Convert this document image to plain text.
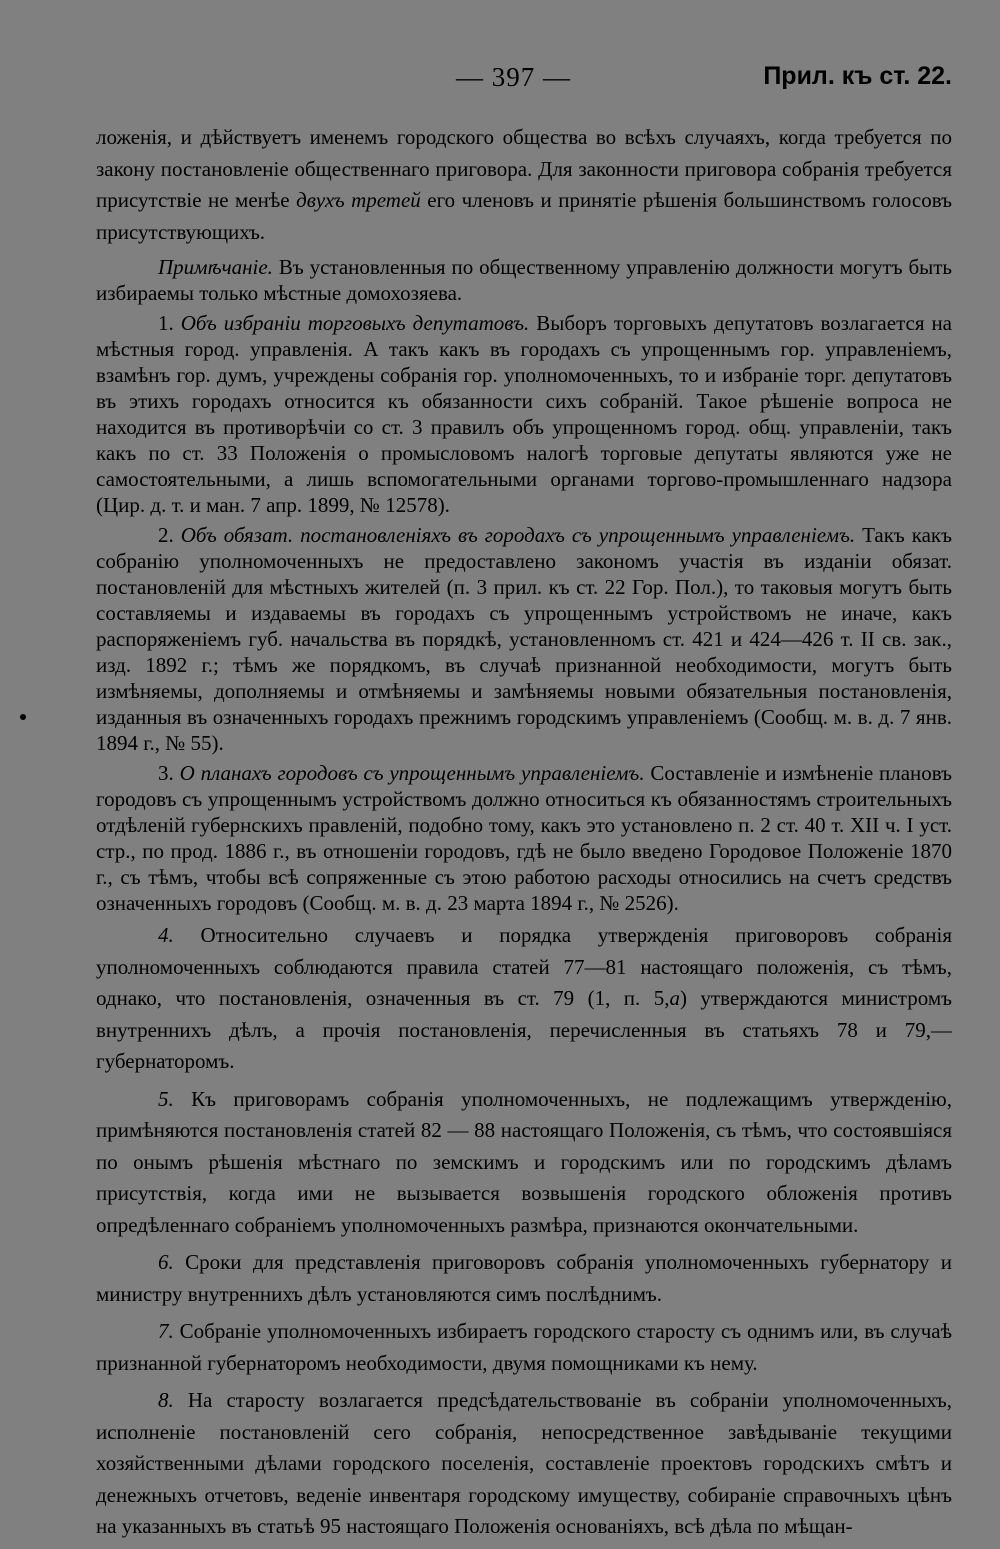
— 397 —	Прил. къ ст. 22.

ложенія, и дѣйствуетъ именемъ городского общества во всѣхъ случаяхъ, когда требуется по закону постановленіе общественнаго приговора. Для законности приговора собранія требуется присутствіе не менѣе двухъ третей его членовъ и принятіе рѣшенія большинствомъ голосовъ присутствующихъ.

Примѣчаніе. Въ установленныя по общественному управленію должности могутъ быть избираемы только мѣстные домохозяева.

1. Объ избраніи торговыхъ депутатовъ. Выборъ торговыхъ депутатовъ возлагается на мѣстныя город. управленія. А такъ какъ въ городахъ съ упрощеннымъ гор. управленіемъ, взамѣнъ гор. думъ, учреждены собранія гор. уполномоченныхъ, то и избраніе торг. депутатовъ въ этихъ городахъ относится къ обязанности сихъ собраній. Такое рѣшеніе вопроса не находится въ противорѣчіи со ст. 3 правилъ объ упрощенномъ город. общ. управленіи, такъ какъ по ст. 33 Положенія о промысловомъ налогѣ торговые депутаты являются уже не самостоятельными, а лишь вспомогательными органами торгово-промышленнаго надзора (Цир. д. т. и ман. 7 апр. 1899, № 12578).

2. Объ обязат. постановленіяхъ въ городахъ съ упрощеннымъ управленіемъ. Такъ какъ собранію уполномоченныхъ не предоставлено закономъ участія въ изданіи обязат. постановленій для мѣстныхъ жителей (п. 3 прил. къ ст. 22 Гор. Пол.), то таковыя могутъ быть составляемы и издаваемы въ городахъ съ упрощеннымъ устройствомъ не иначе, какъ распоряженіемъ губ. начальства въ порядкѣ, установленномъ ст. 421 и 424—426 т. II св. зак., изд. 1892 г.; тѣмъ же порядкомъ, въ случаѣ признанной необходимости, могутъ быть измѣняемы, дополняемы и отмѣняемы и замѣняемы новыми обязательныя постановленія, изданныя въ означенныхъ городахъ прежнимъ городскимъ управленіемъ (Сообщ. м. в. д. 7 янв. 1894 г., № 55).

3. О планахъ городовъ съ упрощеннымъ управленіемъ. Составленіе и измѣненіе плановъ городовъ съ упрощеннымъ устройствомъ должно относиться къ обязанностямъ строительныхъ отдѣленій губернскихъ правленій, подобно тому, какъ это установлено п. 2 ст. 40 т. XII ч. I уст. стр., по прод. 1886 г., въ отношеніи городовъ, гдѣ не было введено Городовое Положеніе 1870 г., съ тѣмъ, чтобы всѣ сопряженные съ этою работою расходы относились на счетъ средствъ означенныхъ городовъ (Сообщ. м. в. д. 23 марта 1894 г., № 2526).

4. Относительно случаевъ и порядка утвержденія приговоровъ собранія уполномоченныхъ соблюдаются правила статей 77—81 настоящаго положенія, съ тѣмъ, однако, что постановленія, означенныя въ ст. 79 (1, п. 5,а) утверждаются министромъ внутреннихъ дѣлъ, а прочія постановленія, перечисленныя въ статьяхъ 78 и 79,—губернаторомъ.

5. Къ приговорамъ собранія уполномоченныхъ, не подлежащимъ утвержденію, примѣняются постановленія статей 82 — 88 настоящаго Положенія, съ тѣмъ, что состоявшіяся по онымъ рѣшенія мѣстнаго по земскимъ и городскимъ или по городскимъ дѣламъ присутствія, когда ими не вызывается возвышенія городского обложенія противъ опредѣленнаго собраніемъ уполномоченныхъ размѣра, признаются окончательными.

6. Сроки для представленія приговоровъ собранія уполномоченныхъ губернатору и министру внутреннихъ дѣлъ установляются симъ послѣднимъ.

7. Собраніе уполномоченныхъ избираетъ городского старосту съ однимъ или, въ случаѣ признанной губернаторомъ необходимости, двумя помощниками къ нему.

8. На старосту возлагается предсѣдательствованіе въ собраніи уполномоченныхъ, исполненіе постановленій сего собранія, непосредственное завѣдываніе текущими хозяйственными дѣлами городского поселенія, составленіе проектовъ городскихъ смѣтъ и денежныхъ отчетовъ, веденіе инвентаря городскому имуществу, собираніе справочныхъ цѣнъ на указанныхъ въ статьѣ 95 настоящаго Положенія основаніяхъ, всѣ дѣла по мѣщан-
